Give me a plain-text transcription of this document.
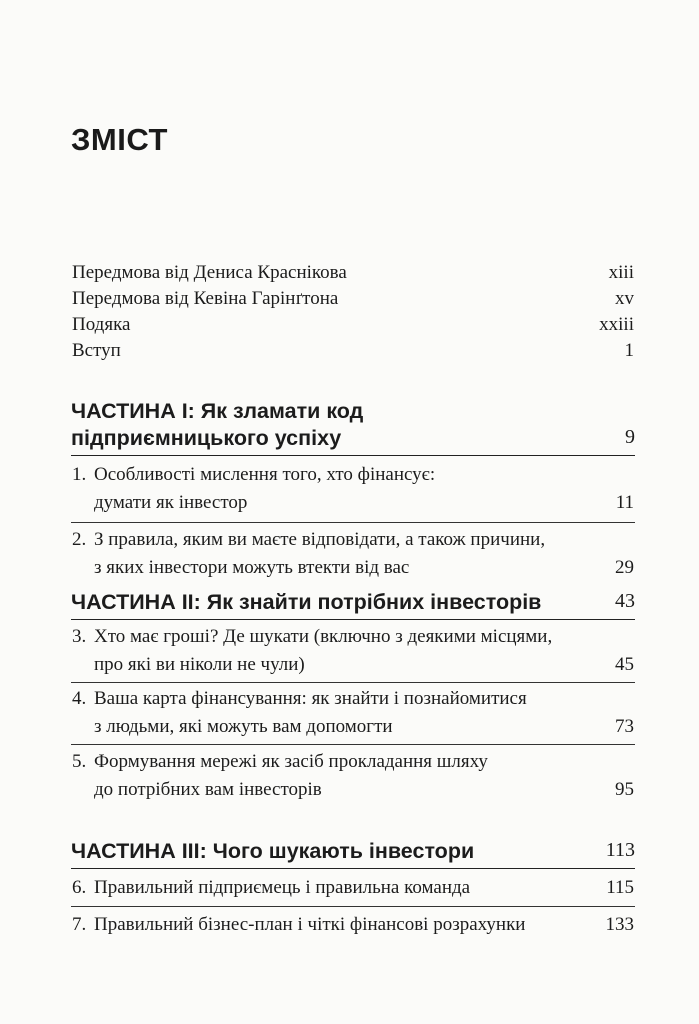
ЗМІСТ
Передмова від Дениса Краснікова	xiii
Передмова від Кевіна Гарінґтона	xv
Подяка	xxiii
Вступ	1
ЧАСТИНА І: Як зламати код
підприємницького успіху	9
1. Особливості мислення того, хто фінансує:
думати як інвестор	11
2. З правила, яким ви маєте відповідати, а також причини,
з яких інвестори можуть втекти від вас	29
ЧАСТИНА ІІ: Як знайти потрібних інвесторів	43
3. Хто має гроші? Де шукати (включно з деякими місцями,
про які ви ніколи не чули)	45
4. Ваша карта фінансування: як знайти і познайомитися
з людьми, які можуть вам допомогти	73
5. Формування мережі як засіб прокладання шляху
до потрібних вам інвесторів	95
ЧАСТИНА ІІІ: Чого шукають інвестори	113
6. Правильний підприємець і правильна команда	115
7. Правильний бізнес-план і чіткі фінансові розрахунки	133
